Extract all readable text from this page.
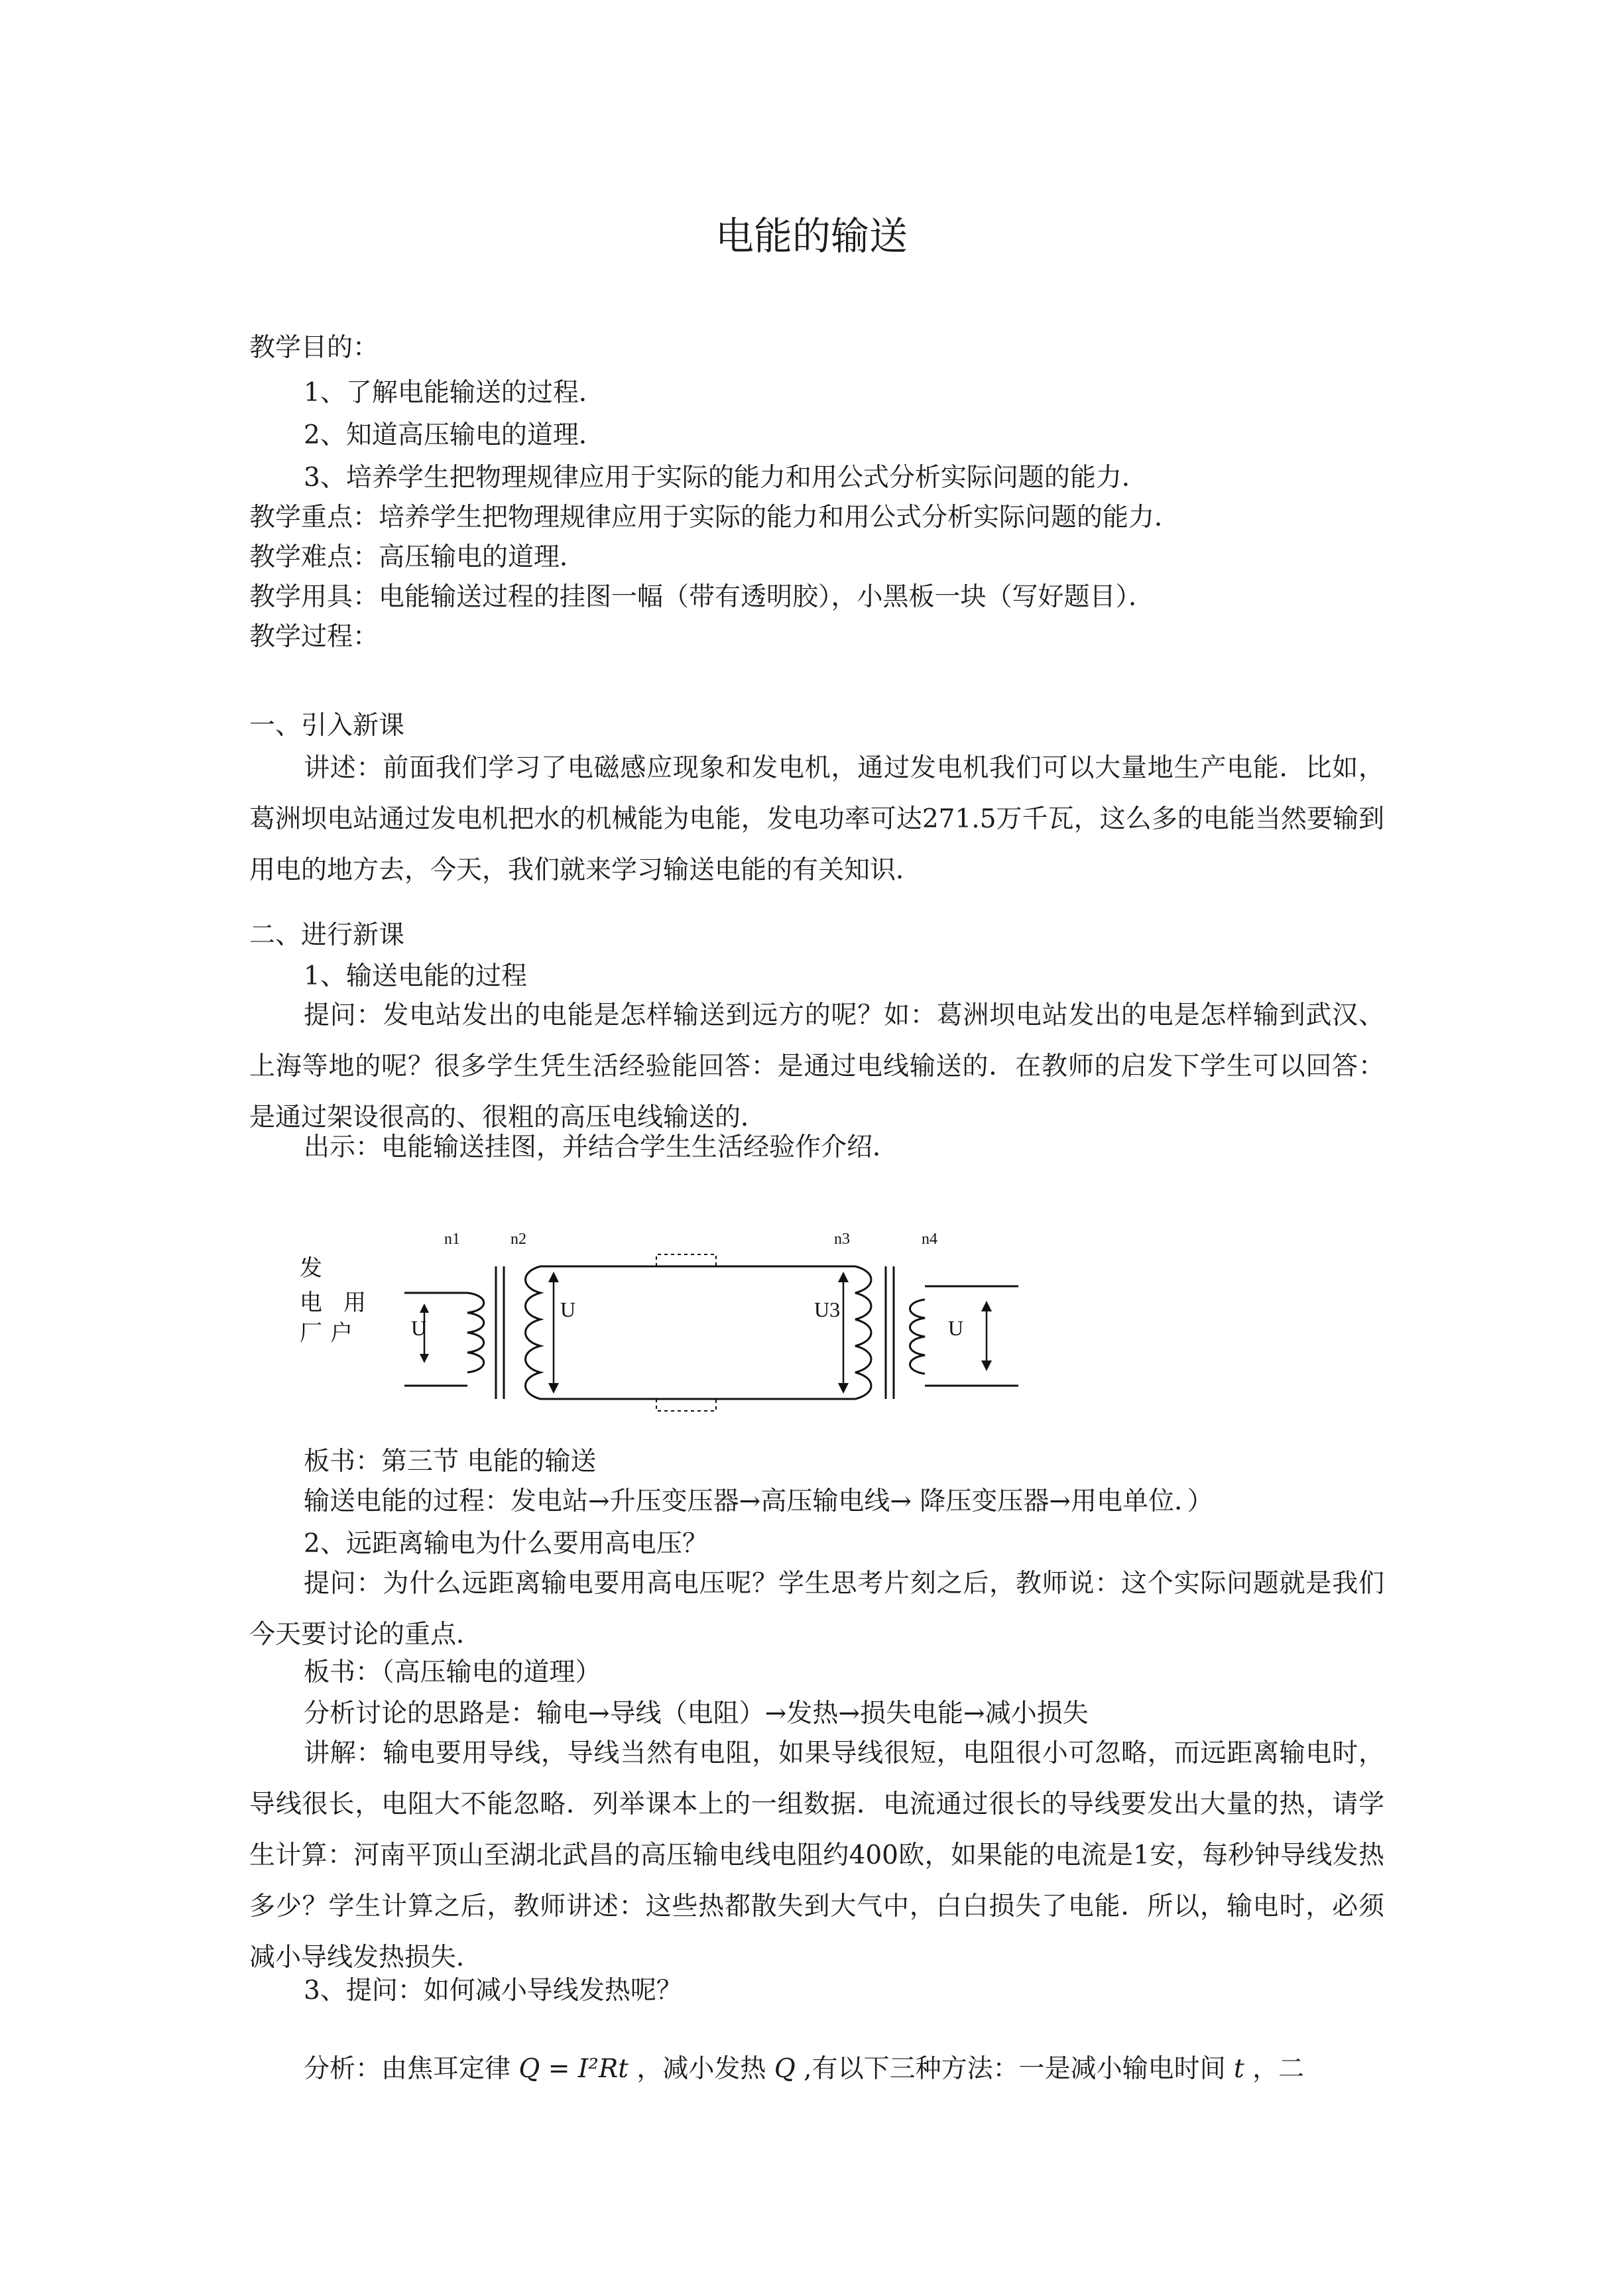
电能的输送
教学目的：
1、了解电能输送的过程．
2、知道高压输电的道理．
3、培养学生把物理规律应用于实际的能力和用公式分析实际问题的能力．
教学重点：培养学生把物理规律应用于实际的能力和用公式分析实际问题的能力．
教学难点：高压输电的道理．
教学用具：电能输送过程的挂图一幅（带有透明胶），小黑板一块（写好题目）．
教学过程：
一、引入新课
讲述：前面我们学习了电磁感应现象和发电机，通过发电机我们可以大量地生产电能．比如，葛洲坝电站通过发电机把水的机械能为电能，发电功率可达271.5万千瓦，这么多的电能当然要输到用电的地方去，今天，我们就来学习输送电能的有关知识．
二、进行新课
1、输送电能的过程
提问：发电站发出的电能是怎样输送到远方的呢？如：葛洲坝电站发出的电是怎样输到武汉、上海等地的呢？很多学生凭生活经验能回答：是通过电线输送的．在教师的启发下学生可以回答：是通过架设很高的、很粗的高压电线输送的．
出示：电能输送挂图，并结合学生生活经验作介绍．
发
电 用
厂 户
n1	n2	n3	n4
U
U	U3
U
板书：第三节 电能的输送
输送电能的过程：发电站→升压变压器→高压输电线→ 降压变压器→用电单位．）
2、远距离输电为什么要用高电压？
提问：为什么远距离输电要用高电压呢？学生思考片刻之后，教师说：这个实际问题就是我们今天要讨论的重点．
板书：（高压输电的道理）
分析讨论的思路是：输电→导线（电阻）→发热→损失电能→减小损失
讲解：输电要用导线，导线当然有电阻，如果导线很短，电阻很小可忽略，而远距离输电时，导线很长，电阻大不能忽略．列举课本上的一组数据．电流通过很长的导线要发出大量的热，请学生计算：河南平顶山至湖北武昌的高压输电线电阻约400欧，如果能的电流是1安，每秒钟导线发热多少？学生计算之后，教师讲述：这些热都散失到大气中，白白损失了电能．所以，输电时，必须减小导线发热损失．
3、提问：如何减小导线发热呢？
分析：由焦耳定律 Q = I²Rt ，减小发热 Q ,有以下三种方法：一是减小输电时间 t ，二
